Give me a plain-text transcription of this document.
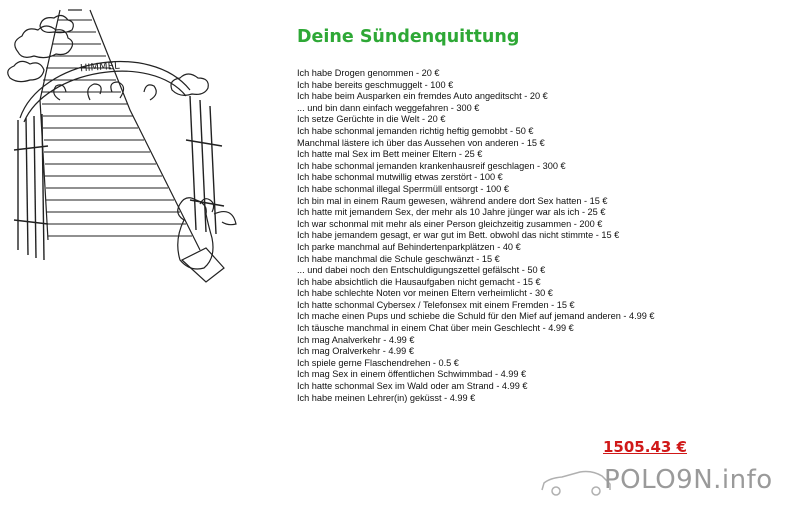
HIMMEL
Deine Sündenquittung
Ich habe Drogen genommen - 20 €
Ich habe bereits geschmuggelt - 100 €
Ich habe beim Ausparken ein fremdes Auto angeditscht - 20 €
... und bin dann einfach weggefahren - 300 €
Ich setze Gerüchte in die Welt - 20 €
Ich habe schonmal jemanden richtig heftig gemobbt - 50 €
Manchmal lästere ich über das Aussehen von anderen - 15 €
Ich hatte mal Sex im Bett meiner Eltern - 25 €
Ich habe schonmal jemanden krankenhausreif geschlagen - 300 €
Ich habe schonmal mutwillig etwas zerstört - 100 €
Ich habe schonmal illegal Sperrmüll entsorgt - 100 €
Ich bin mal in einem Raum gewesen, während andere dort Sex hatten - 15 €
Ich hatte mit jemandem Sex, der mehr als 10 Jahre jünger war als ich - 25 €
Ich war schonmal mit mehr als einer Person gleichzeitig zusammen - 200 €
Ich habe jemandem gesagt, er war gut im Bett. obwohl das nicht stimmte - 15 €
Ich parke manchmal auf Behindertenparkplätzen - 40 €
Ich habe manchmal die Schule geschwänzt - 15 €
... und dabei noch den Entschuldigungszettel gefälscht - 50 €
Ich habe absichtlich die Hausaufgaben nicht gemacht - 15 €
Ich habe schlechte Noten vor meinen Eltern verheimlicht - 30 €
Ich hatte schonmal Cybersex / Telefonsex mit einem Fremden - 15 €
Ich mache einen Pups und schiebe die Schuld für den Mief auf jemand anderen - 4.99 €
Ich täusche manchmal in einem Chat über mein Geschlecht - 4.99 €
Ich mag Analverkehr - 4.99 €
Ich mag Oralverkehr - 4.99 €
Ich spiele gerne Flaschendrehen - 0.5 €
Ich mag Sex in einem öffentlichen Schwimmbad - 4.99 €
Ich hatte schonmal Sex im Wald oder am Strand - 4.99 €
Ich habe meinen Lehrer(in) geküsst - 4.99 €
1505.43 €
POLO9N.info
